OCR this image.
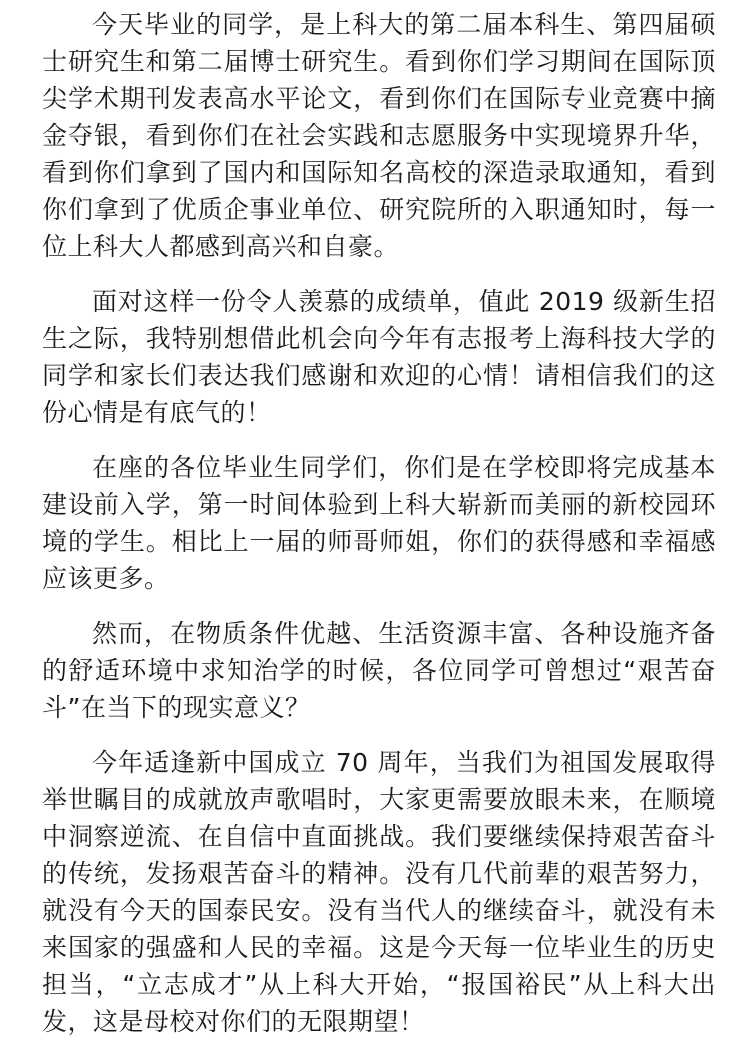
今天毕业的同学，是上科大的第二届本科生、第四届硕士研究生和第二届博士研究生。看到你们学习期间在国际顶尖学术期刊发表高水平论文，看到你们在国际专业竞赛中摘金夺银，看到你们在社会实践和志愿服务中实现境界升华，看到你们拿到了国内和国际知名高校的深造录取通知，看到你们拿到了优质企事业单位、研究院所的入职通知时，每一位上科大人都感到高兴和自豪。

面对这样一份令人羡慕的成绩单，值此 2019 级新生招生之际，我特别想借此机会向今年有志报考上海科技大学的同学和家长们表达我们感谢和欢迎的心情！请相信我们的这份心情是有底气的！

在座的各位毕业生同学们，你们是在学校即将完成基本建设前入学，第一时间体验到上科大崭新而美丽的新校园环境的学生。相比上一届的师哥师姐，你们的获得感和幸福感应该更多。

然而，在物质条件优越、生活资源丰富、各种设施齐备的舒适环境中求知治学的时候，各位同学可曾想过“艰苦奋斗”在当下的现实意义？

今年适逢新中国成立 70 周年，当我们为祖国发展取得举世瞩目的成就放声歌唱时，大家更需要放眼未来，在顺境中洞察逆流、在自信中直面挑战。我们要继续保持艰苦奋斗的传统，发扬艰苦奋斗的精神。没有几代前辈的艰苦努力，就没有今天的国泰民安。没有当代人的继续奋斗，就没有未来国家的强盛和人民的幸福。这是今天每一位毕业生的历史担当，“立志成才”从上科大开始，“报国裕民”从上科大出发，这是母校对你们的无限期望！
